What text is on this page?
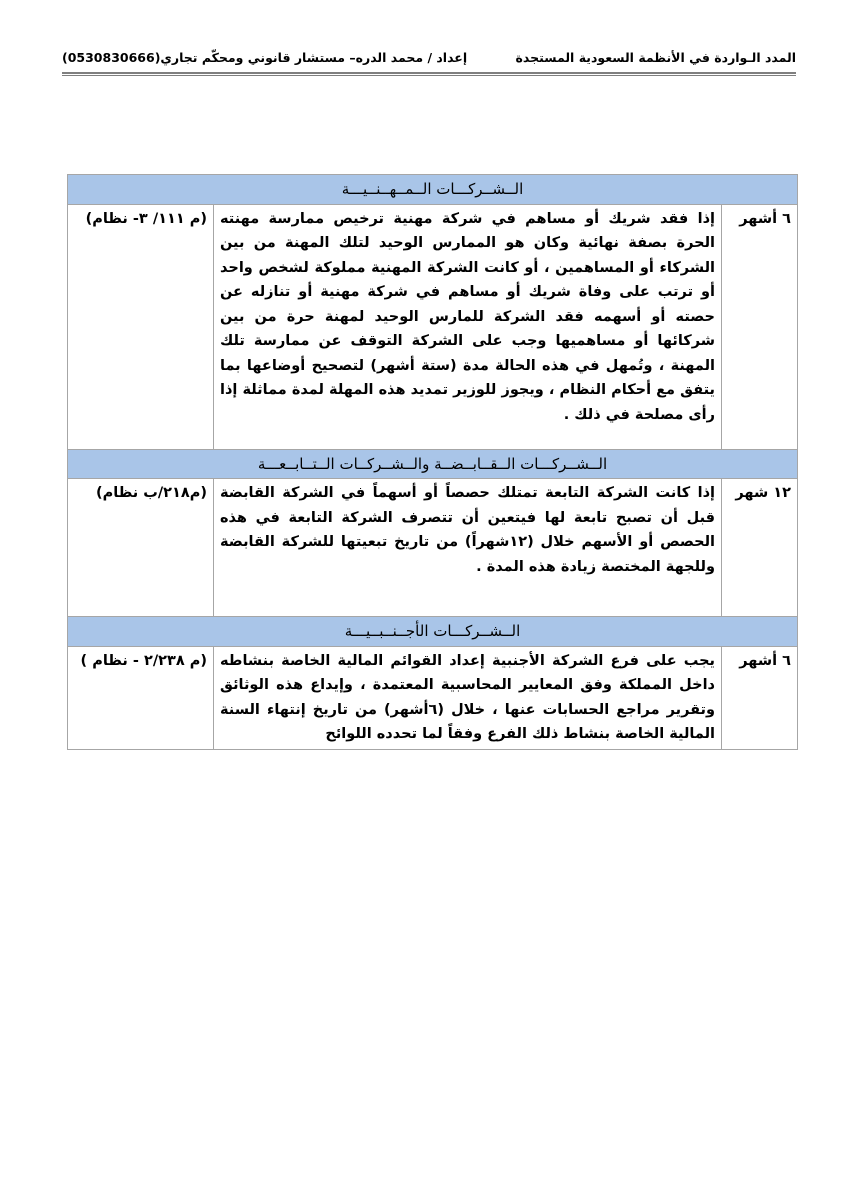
المدد الـواردة في الأنظمة السعودية المستجدة
إعداد / محمد الدره– مستشار قانوني ومحكّم تجاري(0530830666)
الــشــركـــات الــمــهــنــيـــة		
٦ أشهر	إذا فقد شريك أو مساهم في شركة مهنية ترخيص ممارسة مهنته الحرة بصفة نهائية وكان هو الممارس الوحيد لتلك المهنة من بين الشركاء أو المساهمين ، أو كانت الشركة المهنية مملوكة لشخص واحد أو ترتب على وفاة شريك أو مساهم في شركة مهنية أو تنازله عن حصته أو أسهمه فقد الشركة للمارس الوحيد لمهنة حرة من بين شركائها أو مساهميها وجب على الشركة التوقف عن ممارسة تلك المهنة ، وتُمهل في هذه الحالة مدة (ستة أشهر) لتصحيح أوضاعها بما يتفق مع أحكام النظام ، ويجوز للوزير تمديد هذه المهلة لمدة مماثلة إذا رأى مصلحة في ذلك .	(م ١١١/ ٣- نظام)
الــشــركـــات الــقــابــضــة والــشــركــات الــتــابــعـــة		
١٢ شهر	إذا كانت الشركة التابعة تمتلك حصصاً أو أسهماً في الشركة القابضة قبل أن تصبح تابعة لها فيتعين أن تتصرف الشركة التابعة في هذه الحصص أو الأسهم خلال (١٢شهراً) من تاريخ تبعيتها للشركة القابضة وللجهة المختصة زيادة هذه المدة .	(م٢١٨/ب نظام)
الــشــركـــات الأجــنــبــيـــة		
٦ أشهر	يجب على فرع الشركة الأجنبية إعداد القوائم المالية الخاصة بنشاطه داخل المملكة وفق المعايير المحاسبية المعتمدة ، وإيداع هذه الوثائق وتقرير مراجع الحسابات عنها ، خلال (٦أشهر) من تاريخ إنتهاء السنة المالية الخاصة بنشاط ذلك الفرع وفقاً لما تحدده اللوائح	(م ٢/٢٣٨ - نظام )
